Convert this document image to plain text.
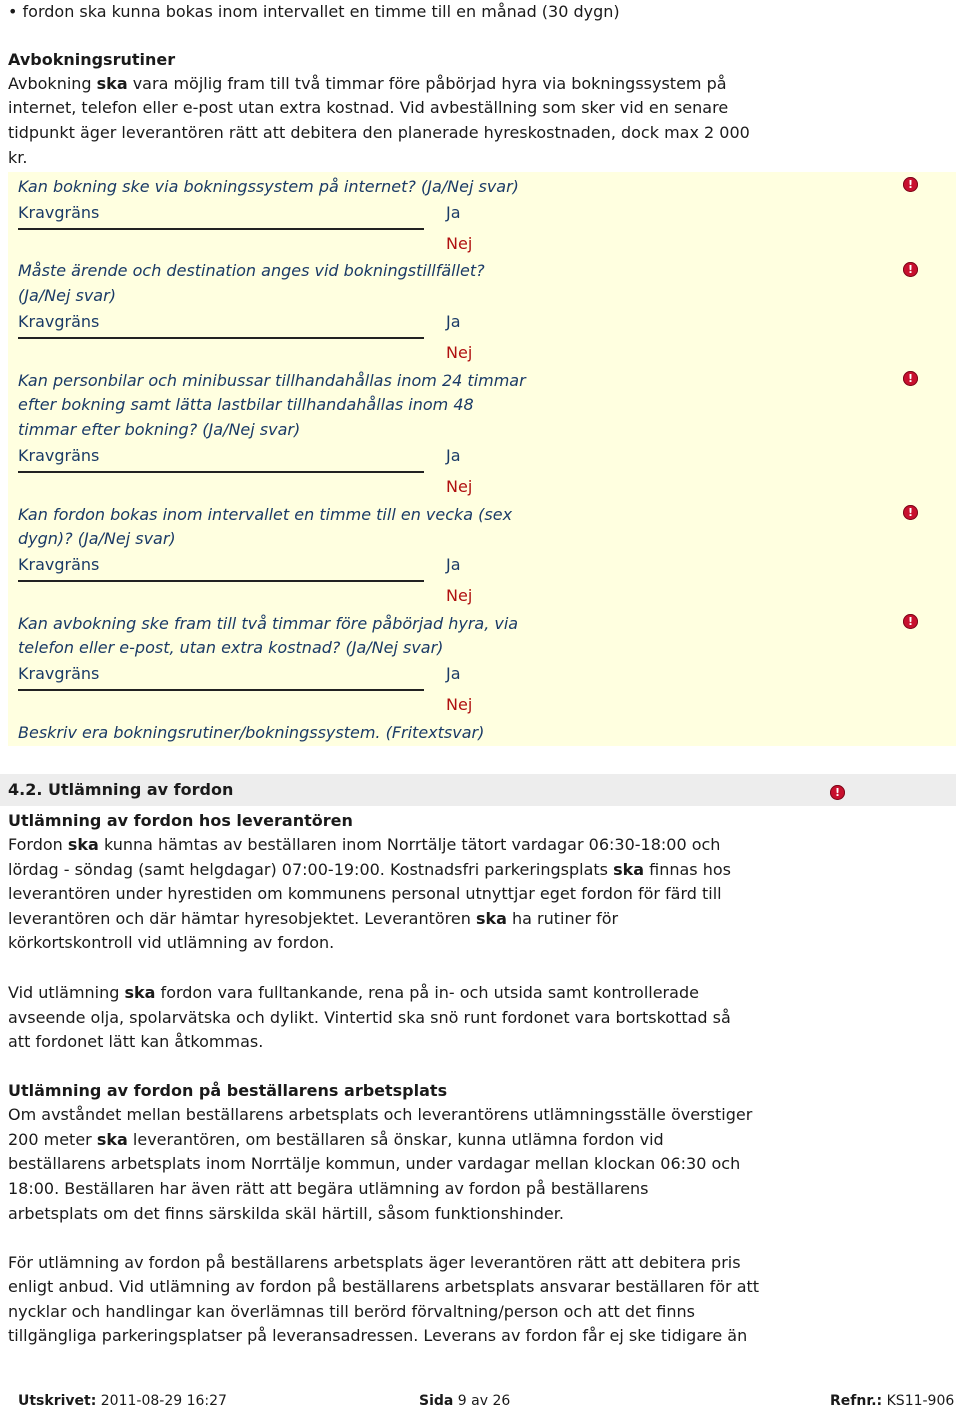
• fordon ska kunna bokas inom intervallet en timme till en månad (30 dygn)
Avbokningsrutiner
Avbokning ska vara möjlig fram till två timmar före påbörjad hyra via bokningssystem på
internet, telefon eller e-post utan extra kostnad. Vid avbeställning som sker vid en senare
tidpunkt äger leverantören rätt att debitera den planerade hyreskostnaden, dock max 2 000
kr.
Kan bokning ske via bokningssystem på internet? (Ja/Nej svar)	!
Kravgräns	Ja
Nej
Måste ärende och destination anges vid bokningstillfället?
(Ja/Nej svar)
!
Kravgräns	Ja
Nej
Kan personbilar och minibussar tillhandahållas inom 24 timmar
efter bokning samt lätta lastbilar tillhandahållas inom 48
timmar efter bokning? (Ja/Nej svar)
!
Kravgräns	Ja
Nej
Kan fordon bokas inom intervallet en timme till en vecka (sex
dygn)? (Ja/Nej svar)
!
Kravgräns	Ja
Nej
Kan avbokning ske fram till två timmar före påbörjad hyra, via
telefon eller e-post, utan extra kostnad? (Ja/Nej svar)
!
Kravgräns	Ja
Nej
Beskriv era bokningsrutiner/bokningssystem. (Fritextsvar)
4.2. Utlämning av fordon	!
Utlämning av fordon hos leverantören
Fordon ska kunna hämtas av beställaren inom Norrtälje tätort vardagar 06:30-18:00 och
lördag - söndag (samt helgdagar) 07:00-19:00. Kostnadsfri parkeringsplats ska finnas hos
leverantören under hyrestiden om kommunens personal utnyttjar eget fordon för färd till
leverantören och där hämtar hyresobjektet. Leverantören ska ha rutiner för
körkortskontroll vid utlämning av fordon.
Vid utlämning ska fordon vara fulltankande, rena på in- och utsida samt kontrollerade
avseende olja, spolarvätska och dylikt. Vintertid ska snö runt fordonet vara bortskottad så
att fordonet lätt kan åtkommas.
Utlämning av fordon på beställarens arbetsplats
Om avståndet mellan beställarens arbetsplats och leverantörens utlämningsställe överstiger
200 meter ska leverantören, om beställaren så önskar, kunna utlämna fordon vid
beställarens arbetsplats inom Norrtälje kommun, under vardagar mellan klockan 06:30 och
18:00. Beställaren har även rätt att begära utlämning av fordon på beställarens
arbetsplats om det finns särskilda skäl härtill, såsom funktionshinder.
För utlämning av fordon på beställarens arbetsplats äger leverantören rätt att debitera pris
enligt anbud. Vid utlämning av fordon på beställarens arbetsplats ansvarar beställaren för att
nycklar och handlingar kan överlämnas till berörd förvaltning/person och att det finns
tillgängliga parkeringsplatser på leveransadressen. Leverans av fordon får ej ske tidigare än
Utskrivet: 2011-08-29 16:27	Sida 9 av 26	Refnr.: KS11-906
